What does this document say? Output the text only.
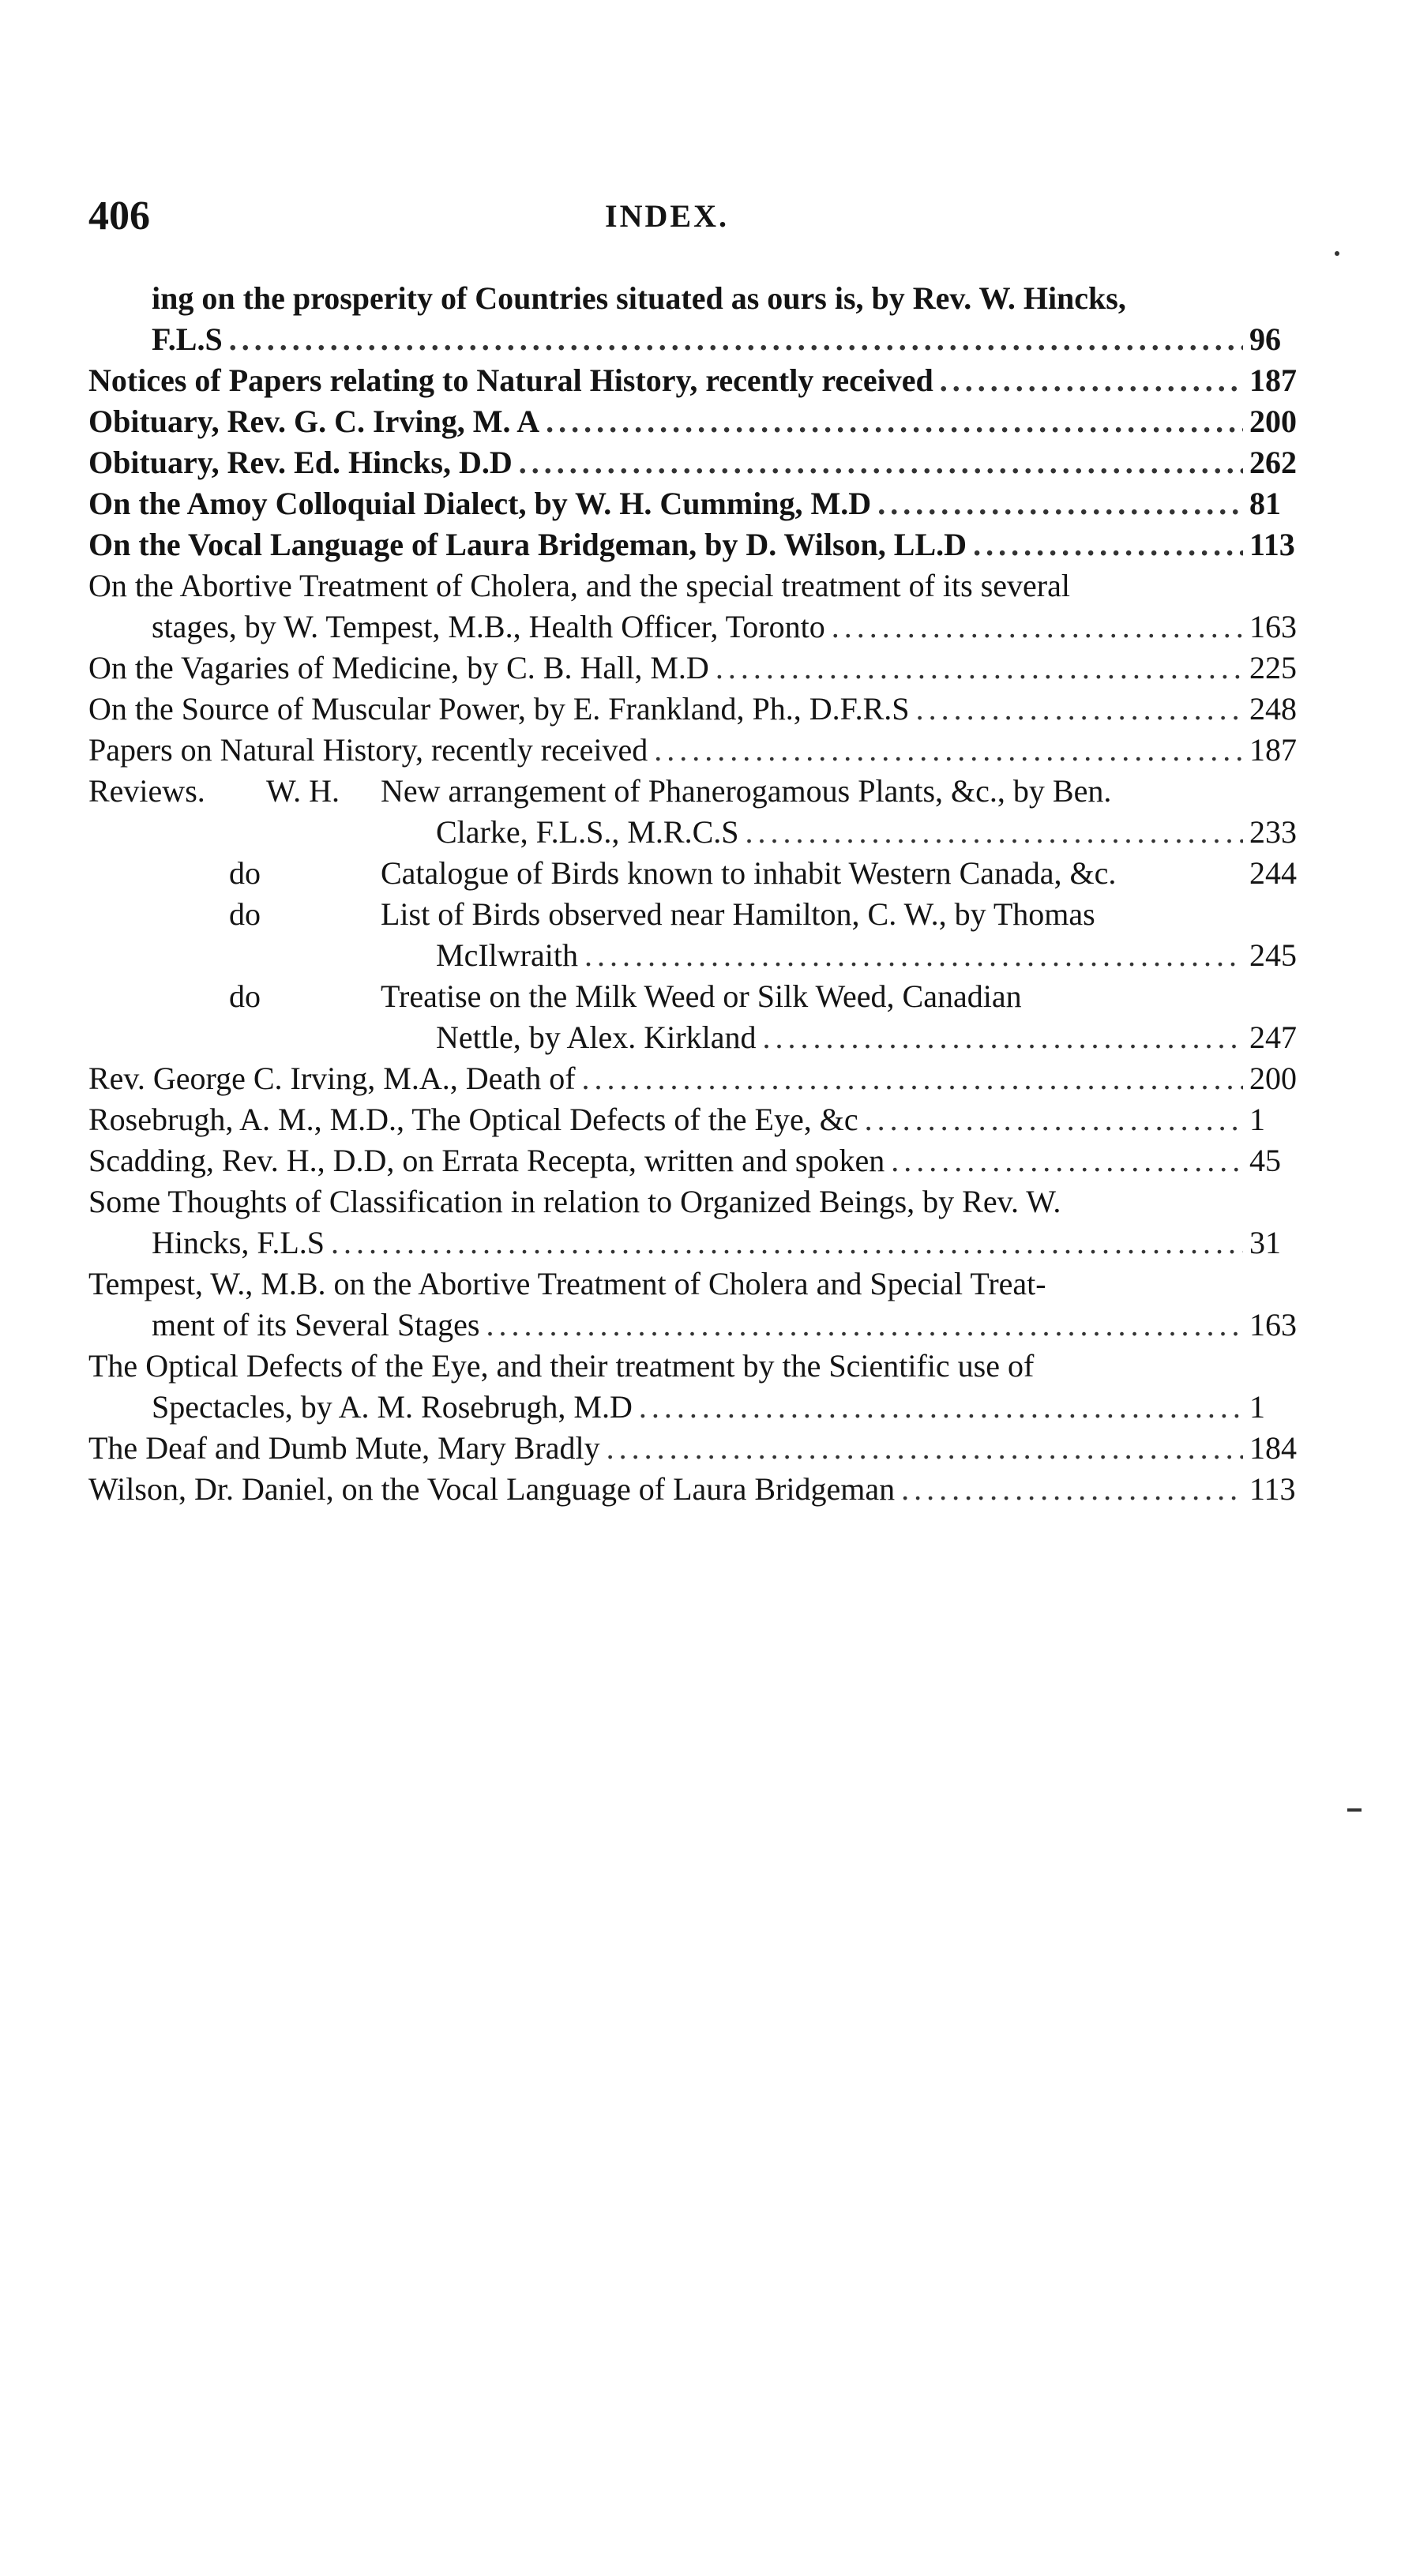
406	INDEX.
ing on the prosperity of Countries situated as ours is, by Rev. W. Hincks,
F.L.S . . .	96
Notices of Papers relating to Natural History, recently received . . .	187
Obituary, Rev. G. C. Irving, M. A . . .	200
Obituary, Rev. Ed. Hincks, D.D . . .	262
On the Amoy Colloquial Dialect, by W. H. Cumming, M.D . . .	81
On the Vocal Language of Laura Bridgeman, by D. Wilson, LL.D . . .	113
On the Abortive Treatment of Cholera, and the special treatment of its several
stages, by W. Tempest, M.B., Health Officer, Toronto . . .	163
On the Vagaries of Medicine, by C. B. Hall, M.D . . .	225
On the Source of Muscular Power, by E. Frankland, Ph., D.F.R.S . . .	248
Papers on Natural History, recently received . . .	187
Reviews. W. H. New arrangement of Phanerogamous Plants, &c., by Ben.
Clarke, F.L.S., M.R.C.S . . .	233
do	Catalogue of Birds known to inhabit Western Canada, &c.	244
do	List of Birds observed near Hamilton, C. W., by Thomas
McIlwraith . . .	245
do	Treatise on the Milk Weed or Silk Weed, Canadian
Nettle, by Alex. Kirkland . . .	247
Rev. George C. Irving, M.A., Death of . . .	200
Rosebrugh, A. M., M.D., The Optical Defects of the Eye, &c . . .	1
Scadding, Rev. H., D.D, on Errata Recepta, written and spoken . . .	45
Some Thoughts of Classification in relation to Organized Beings, by Rev. W.
Hincks, F.L.S . . .	31
Tempest, W., M.B. on the Abortive Treatment of Cholera and Special Treat-
ment of its Several Stages . . .	163
The Optical Defects of the Eye, and their treatment by the Scientific use of
Spectacles, by A. M. Rosebrugh, M.D . . .	1
The Deaf and Dumb Mute, Mary Bradly . . .	184
Wilson, Dr. Daniel, on the Vocal Language of Laura Bridgeman . . .	113
